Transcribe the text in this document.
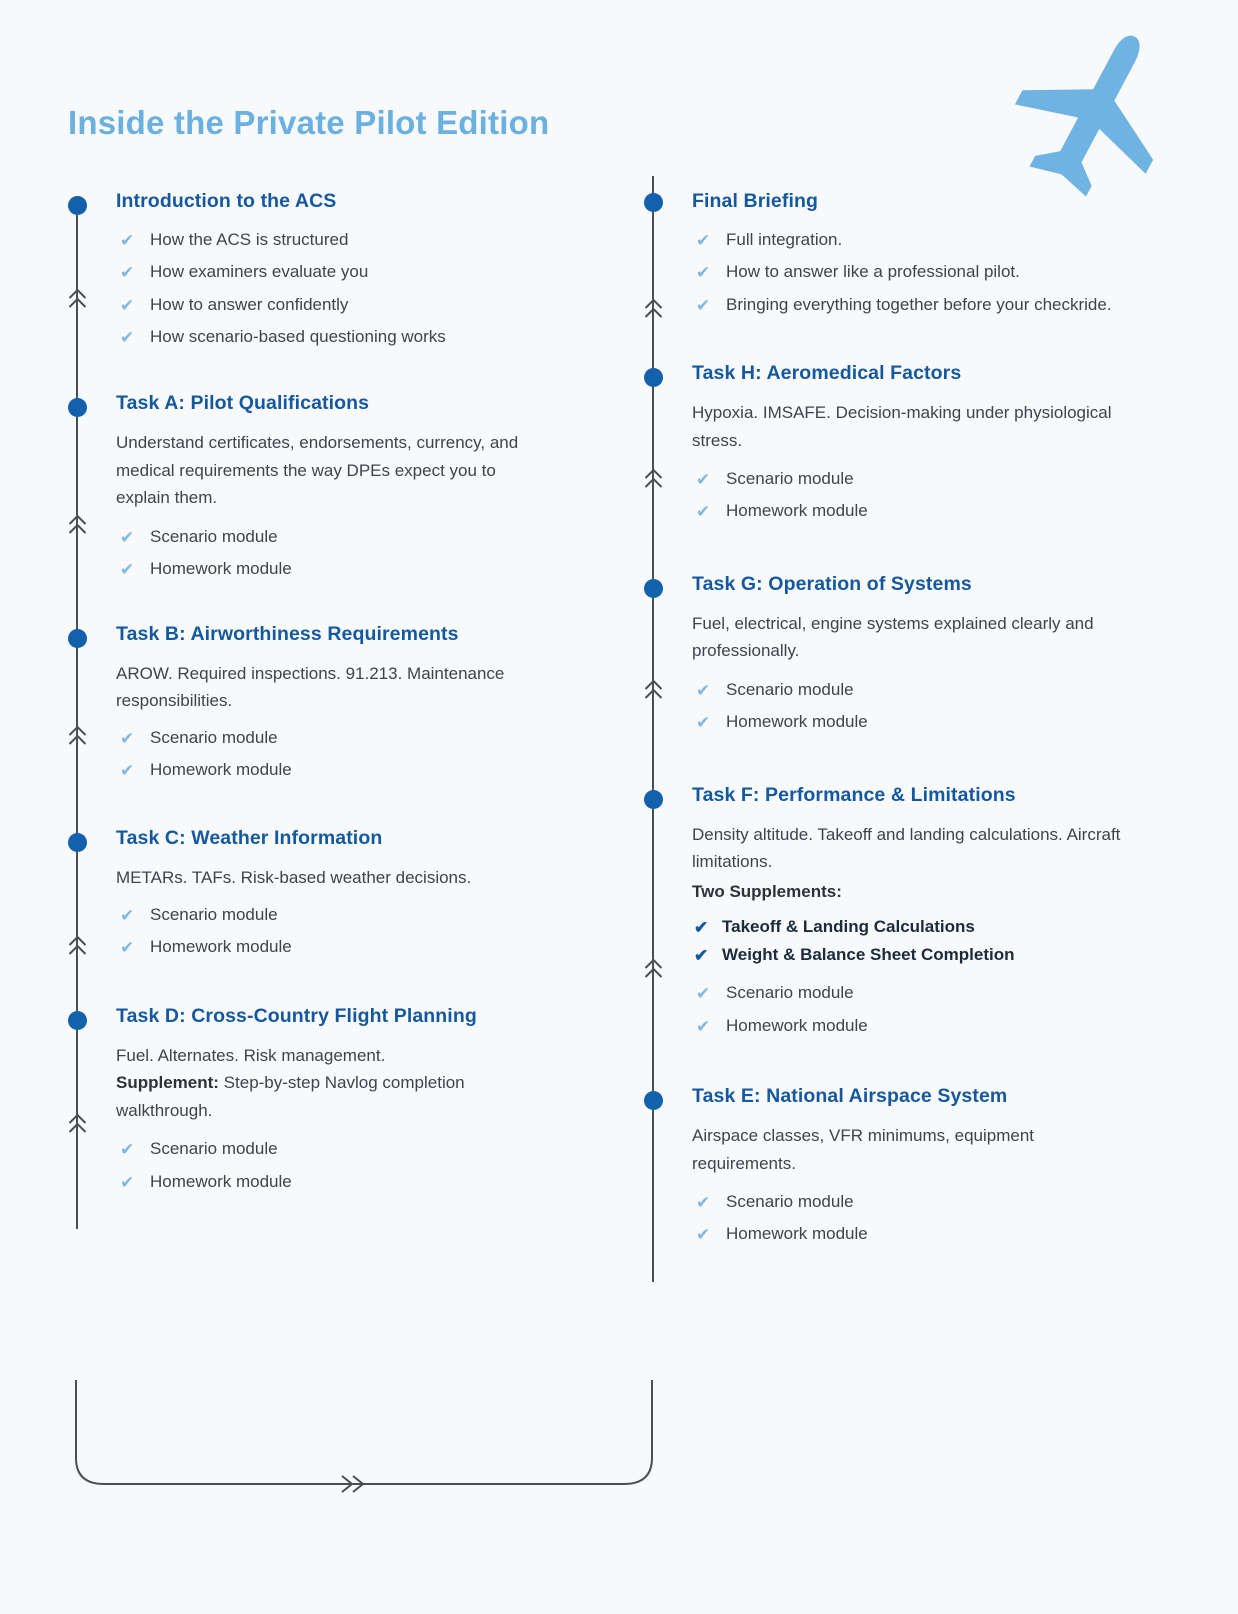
Inside the Private Pilot Edition
Introduction to the ACS
✔ How the ACS is structured
✔ How examiners evaluate you
✔ How to answer confidently
✔ How scenario-based questioning works
Task A: Pilot Qualifications

Understand certificates, endorsements, currency, and medical requirements the way DPEs expect you to explain them.

✔ Scenario module
✔ Homework module
Task B: Airworthiness Requirements

AROW. Required inspections. 91.213. Maintenance responsibilities.

✔ Scenario module
✔ Homework module
Task C: Weather Information

METARs. TAFs. Risk-based weather decisions.

✔ Scenario module
✔ Homework module
Task D: Cross-Country Flight Planning

Fuel. Alternates. Risk management.
Supplement: Step-by-step Navlog completion walkthrough.

✔ Scenario module
✔ Homework module
Final Briefing
✔ Full integration.
✔ How to answer like a professional pilot.
✔ Bringing everything together before your checkride.
Task H: Aeromedical Factors

Hypoxia. IMSAFE. Decision-making under physiological stress.

✔ Scenario module
✔ Homework module
Task G: Operation of Systems

Fuel, electrical, engine systems explained clearly and professionally.

✔ Scenario module
✔ Homework module
Task F: Performance & Limitations

Density altitude. Takeoff and landing calculations. Aircraft limitations.

Two Supplements:
✔ Takeoff & Landing Calculations
✔ Weight & Balance Sheet Completion
✔ Scenario module
✔ Homework module
Task E: National Airspace System

Airspace classes, VFR minimums, equipment requirements.

✔ Scenario module
✔ Homework module
